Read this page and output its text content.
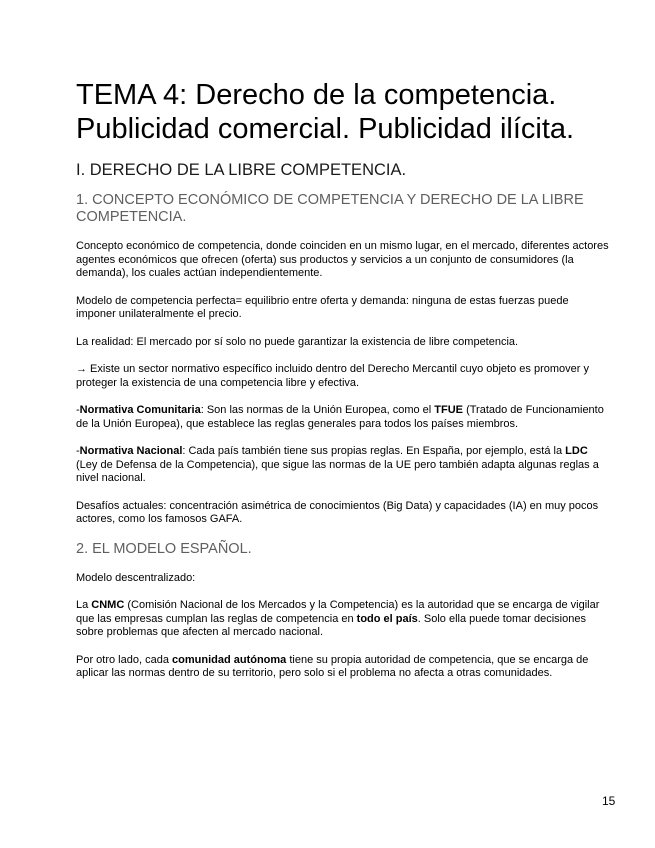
TEMA 4: Derecho de la competencia.
Publicidad comercial. Publicidad ilícita.
I. DERECHO DE LA LIBRE COMPETENCIA.
1. CONCEPTO ECONÓMICO DE COMPETENCIA Y DERECHO DE LA LIBRE COMPETENCIA.

Concepto económico de competencia, donde coinciden en un mismo lugar, en el mercado, diferentes actores agentes económicos que ofrecen (oferta) sus productos y servicios a un conjunto de consumidores (la demanda), los cuales actúan independientemente.

Modelo de competencia perfecta= equilibrio entre oferta y demanda: ninguna de estas fuerzas puede imponer unilateralmente el precio.

La realidad: El mercado por sí solo no puede garantizar la existencia de libre competencia.

→ Existe un sector normativo específico incluido dentro del Derecho Mercantil cuyo objeto es promover y proteger la existencia de una competencia libre y efectiva.

-Normativa Comunitaria: Son las normas de la Unión Europea, como el TFUE (Tratado de Funcionamiento de la Unión Europea), que establece las reglas generales para todos los países miembros.

-Normativa Nacional: Cada país también tiene sus propias reglas. En España, por ejemplo, está la LDC (Ley de Defensa de la Competencia), que sigue las normas de la UE pero también adapta algunas reglas a nivel nacional.

Desafíos actuales: concentración asimétrica de conocimientos (Big Data) y capacidades (IA) en muy pocos actores, como los famosos GAFA.

2. EL MODELO ESPAÑOL.

Modelo descentralizado:

La CNMC (Comisión Nacional de los Mercados y la Competencia) es la autoridad que se encarga de vigilar que las empresas cumplan las reglas de competencia en todo el país. Solo ella puede tomar decisiones sobre problemas que afecten al mercado nacional.

Por otro lado, cada comunidad autónoma tiene su propia autoridad de competencia, que se encarga de aplicar las normas dentro de su territorio, pero solo si el problema no afecta a otras comunidades.

15
